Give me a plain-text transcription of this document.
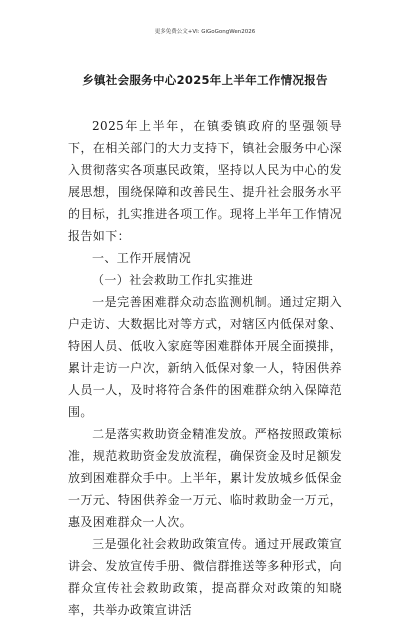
更多免费公文+Vl: GiGoGongWen2026
乡镇社会服务中心2025年上半年工作情况报告

2025年上半年，在镇委镇政府的坚强领导下，在相关部门的大力支持下，镇社会服务中心深入贯彻落实各项惠民政策，坚持以人民为中心的发展思想，围绕保障和改善民生、提升社会服务水平的目标，扎实推进各项工作。现将上半年工作情况报告如下：

一、工作开展情况

（一）社会救助工作扎实推进

一是完善困难群众动态监测机制。通过定期入户走访、大数据比对等方式，对辖区内低保对象、特困人员、低收入家庭等困难群体开展全面摸排，累计走访一户次，新纳入低保对象一人，特困供养人员一人，及时将符合条件的困难群众纳入保障范围。

二是落实救助资金精准发放。严格按照政策标准，规范救助资金发放流程，确保资金及时足额发放到困难群众手中。上半年，累计发放城乡低保金一万元、特困供养金一万元、临时救助金一万元，惠及困难群众一人次。

三是强化社会救助政策宣传。通过开展政策宣讲会、发放宣传手册、微信群推送等多种形式，向群众宣传社会救助政策，提高群众对政策的知晓率，共举办政策宣讲活
